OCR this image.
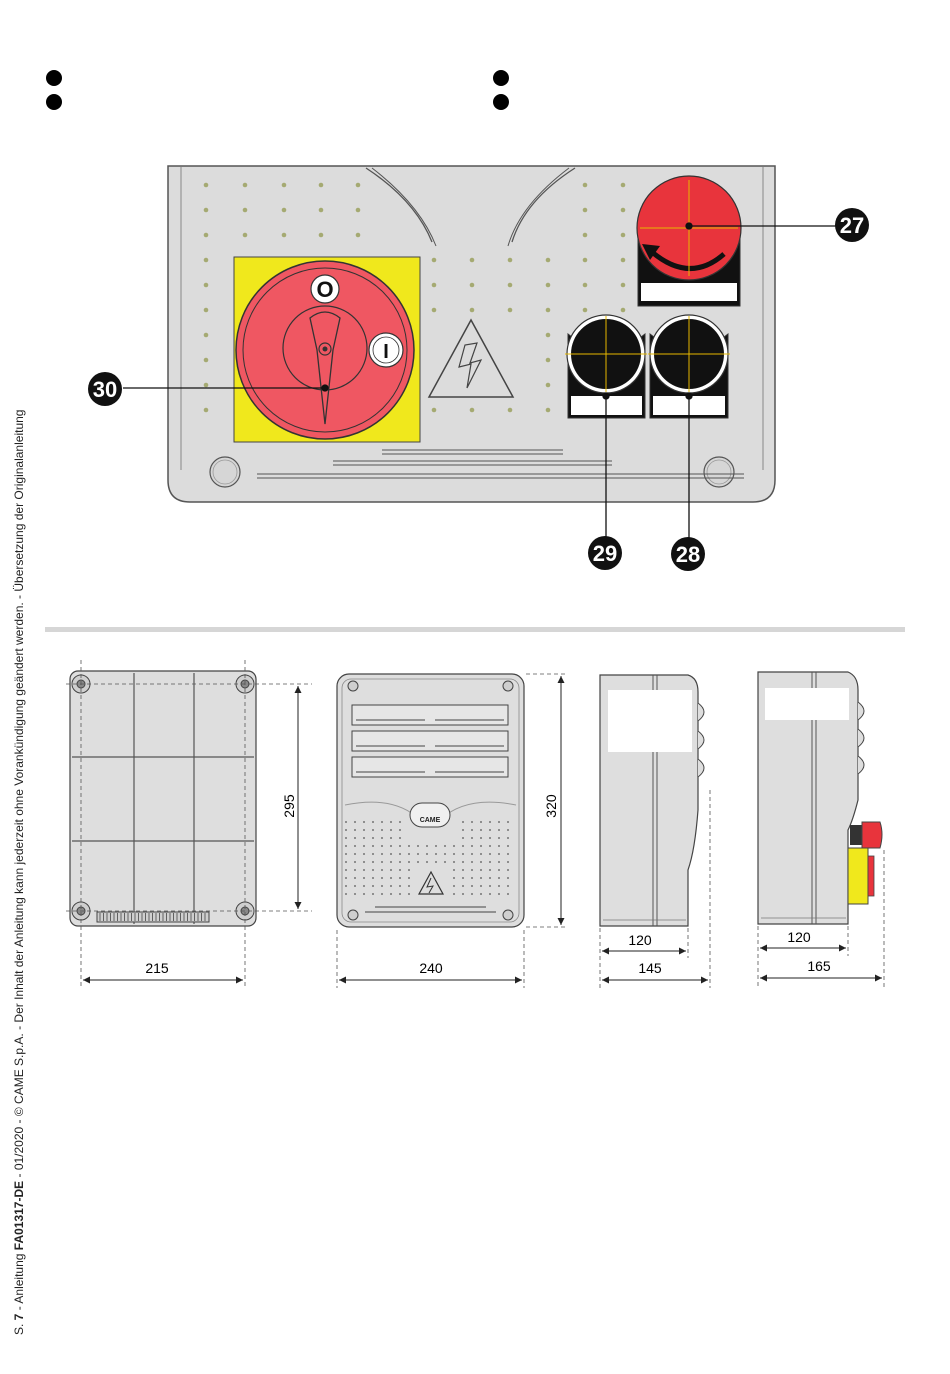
S. 7 - Anleitung FA01317-DE - 01/2020 - © CAME S.p.A. - Der Inhalt der Anleitung kann jederzeit ohne Vorankündigung geändert werden. - Übersetzung der Originalanleitung
O
I
27
29	28
30
295
215
CAME
320
240
120
145
120
165
